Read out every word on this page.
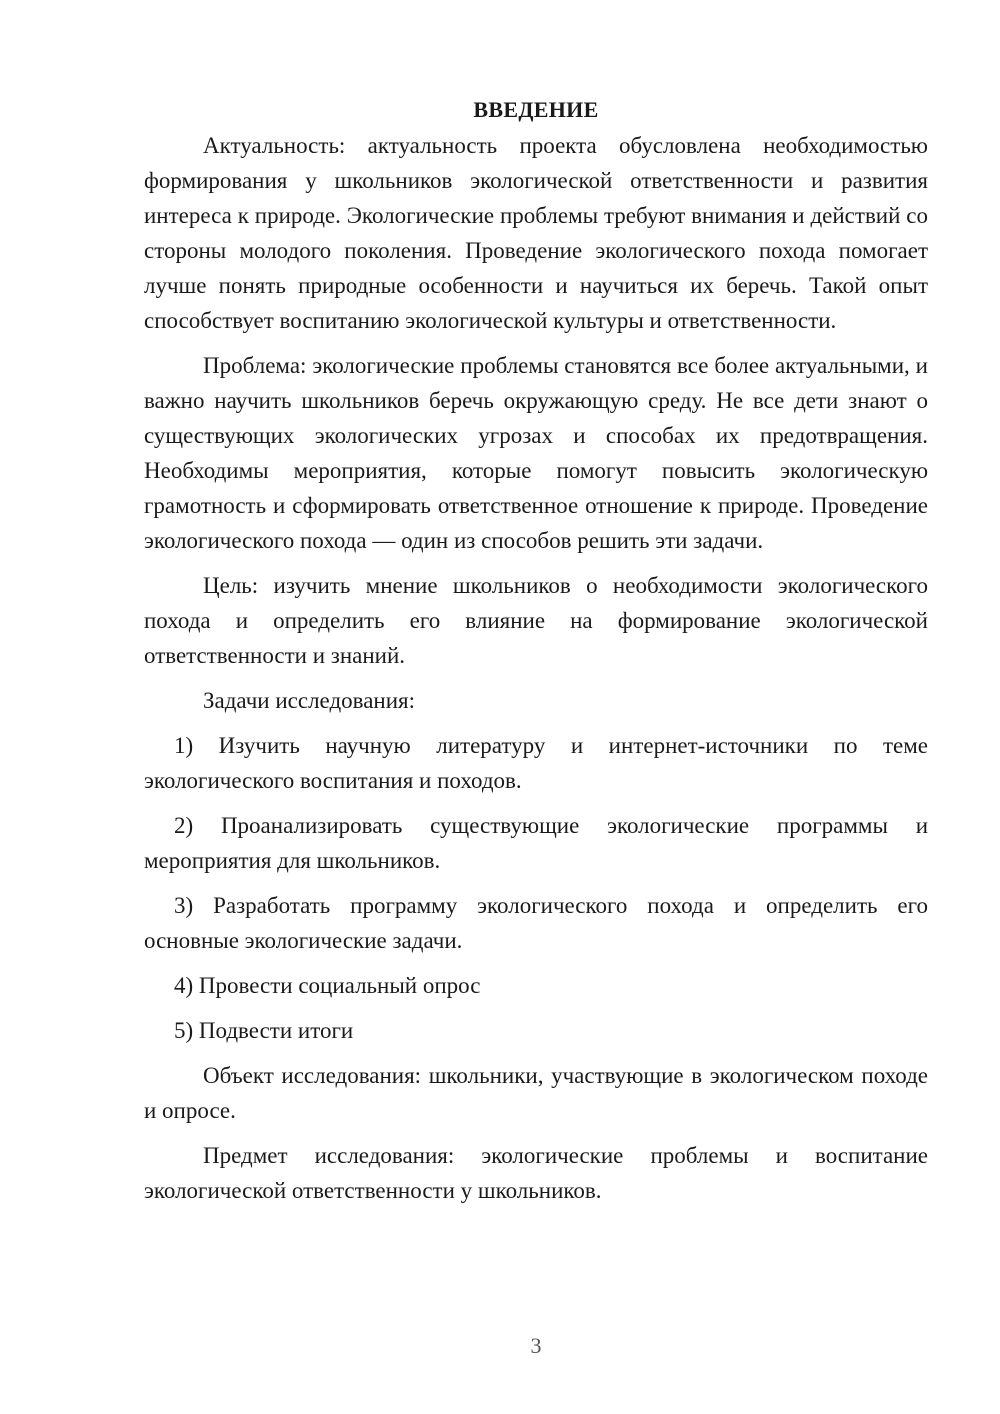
ВВЕДЕНИЕ

Актуальность: актуальность проекта обусловлена необходимостью формирования у школьников экологической ответственности и развития интереса к природе. Экологические проблемы требуют внимания и действий со стороны молодого поколения. Проведение экологического похода помогает лучше понять природные особенности и научиться их беречь. Такой опыт способствует воспитанию экологической культуры и ответственности.

Проблема: экологические проблемы становятся все более актуальными, и важно научить школьников беречь окружающую среду. Не все дети знают о существующих экологических угрозах и способах их предотвращения. Необходимы мероприятия, которые помогут повысить экологическую грамотность и сформировать ответственное отношение к природе. Проведение экологического похода — один из способов решить эти задачи.

Цель: изучить мнение школьников о необходимости экологического похода и определить его влияние на формирование экологической ответственности и знаний.

Задачи исследования:

1) Изучить научную литературу и интернет-источники по теме экологического воспитания и походов.

2) Проанализировать существующие экологические программы и мероприятия для школьников.

3) Разработать программу экологического похода и определить его основные экологические задачи.

4) Провести социальный опрос

5) Подвести итоги

Объект исследования: школьники, участвующие в экологическом походе и опросе.

Предмет исследования: экологические проблемы и воспитание экологической ответственности у школьников.

3
